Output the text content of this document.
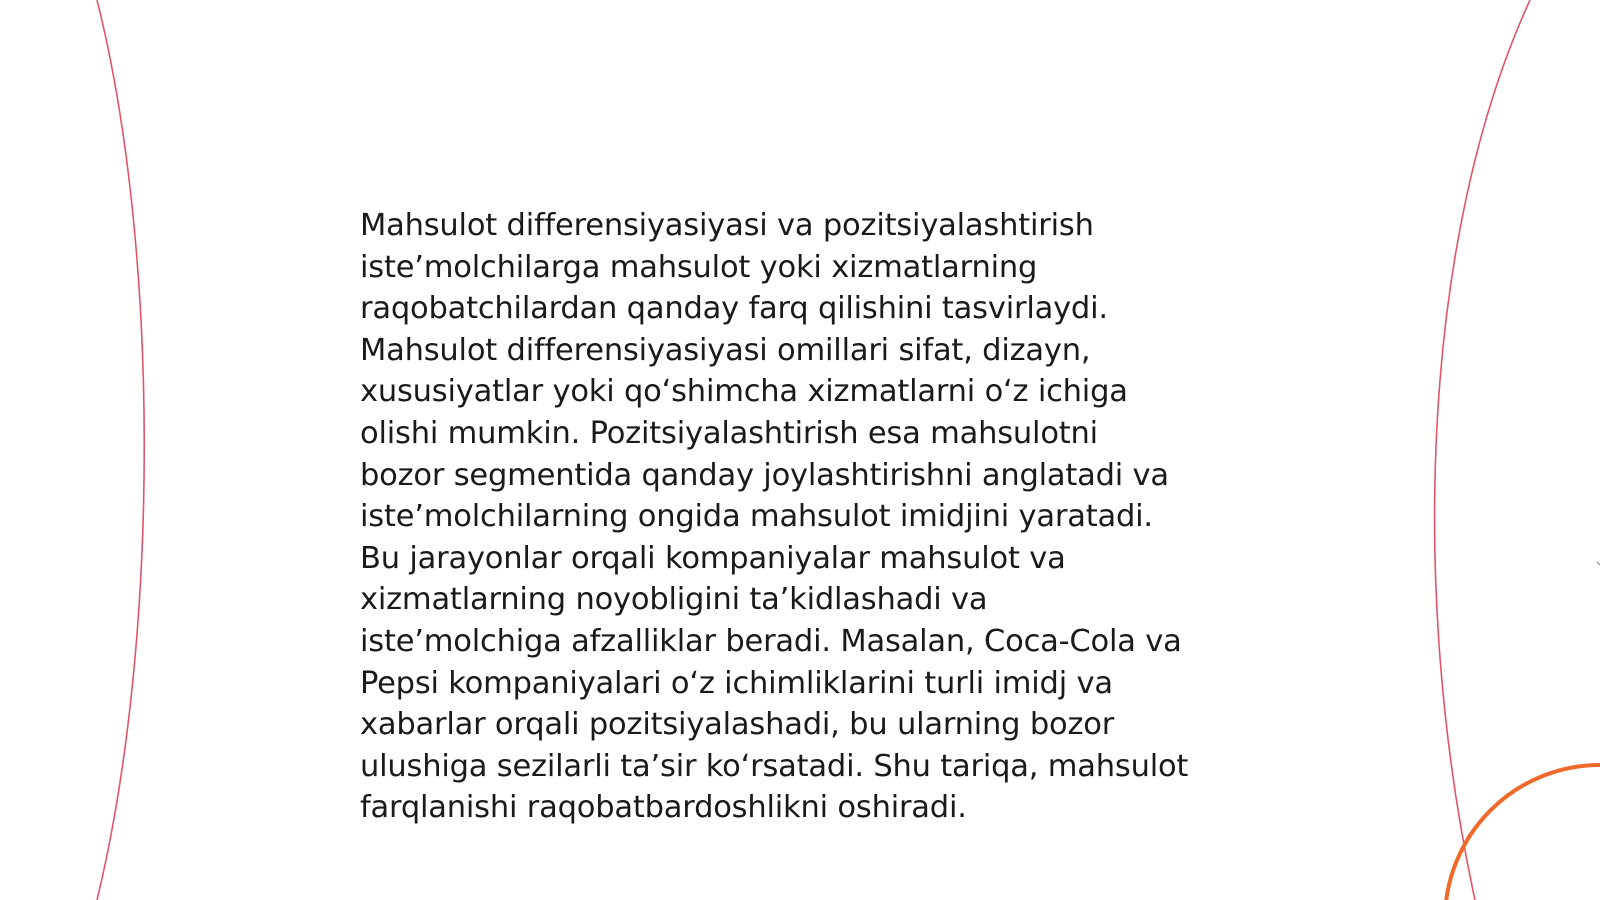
Mahsulot differensiyasiyasi va pozitsiyalashtirish
iste’molchilarga mahsulot yoki xizmatlarning
raqobatchilardan qanday farq qilishini tasvirlaydi.
Mahsulot differensiyasiyasi omillari sifat, dizayn,
xususiyatlar yoki qo‘shimcha xizmatlarni o‘z ichiga
olishi mumkin. Pozitsiyalashtirish esa mahsulotni
bozor segmentida qanday joylashtirishni anglatadi va
iste’molchilarning ongida mahsulot imidjini yaratadi.
Bu jarayonlar orqali kompaniyalar mahsulot va
xizmatlarning noyobligini ta’kidlashadi va
iste’molchiga afzalliklar beradi. Masalan, Coca-Cola va
Pepsi kompaniyalari o‘z ichimliklarini turli imidj va
xabarlar orqali pozitsiyalashadi, bu ularning bozor
ulushiga sezilarli ta’sir ko‘rsatadi. Shu tariqa, mahsulot
farqlanishi raqobatbardoshlikni oshiradi.
